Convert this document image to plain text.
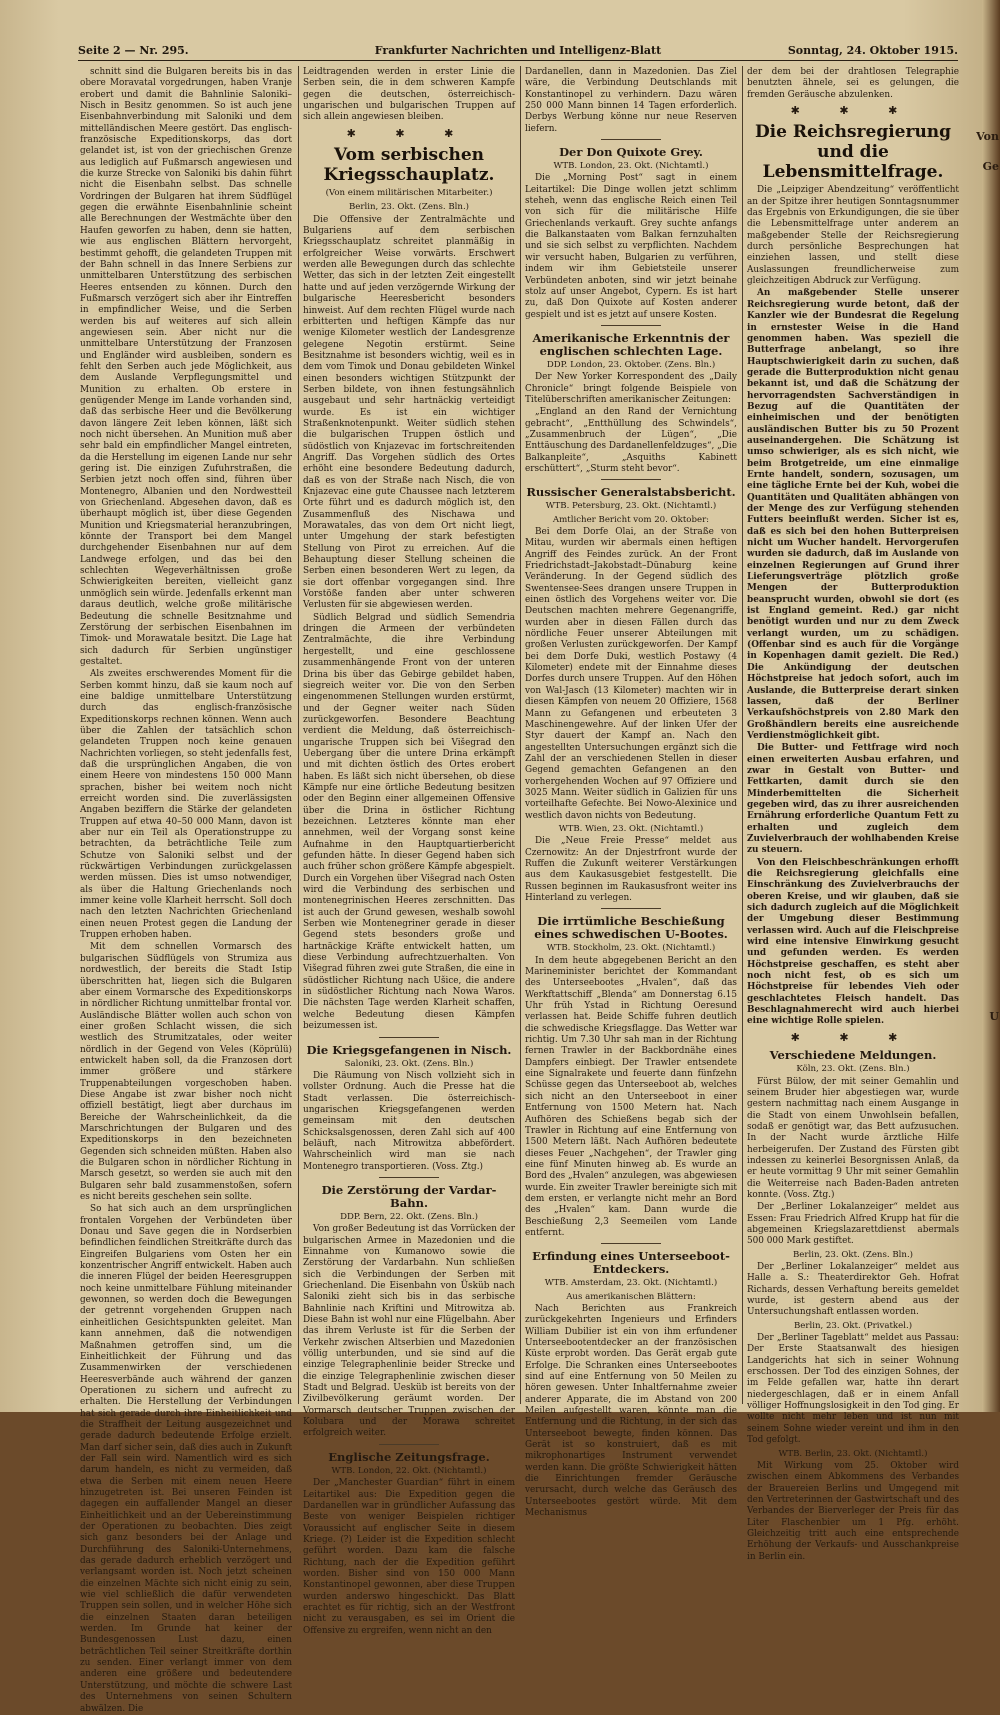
Seite 2 — Nr. 295.	Frankfurter Nachrichten und Intelligenz-Blatt	Sonntag, 24. Oktober 1915.

schnitt sind die Bulgaren bereits bis in das obere Moravatal vorgedrungen, haben Vranje erobert und damit die Bahnlinie Saloniki–Nisch in Besitz genommen. So ist auch jene Eisenbahnverbindung mit Saloniki und dem mittelländischen Meere gestört. Das englisch-französische Expeditionskorps, das dort gelandet ist, ist von der griechischen Grenze aus lediglich auf Fußmarsch angewiesen und die kurze Strecke von Saloniki bis dahin führt nicht die Eisenbahn selbst. Das schnelle Vordringen der Bulgaren hat ihrem Südflügel gegen die erwähnte Eisenbahnlinie scheint alle Berechnungen der Westmächte über den Haufen geworfen zu haben, denn sie hatten, wie aus englischen Blättern hervorgeht, bestimmt gehofft, die gelandeten Truppen mit der Bahn schnell in das Innere Serbiens zur unmittelbaren Unterstützung des serbischen Heeres entsenden zu können. Durch den Fußmarsch verzögert sich aber ihr Eintreffen in empfindlicher Weise, und die Serben werden bis auf weiteres auf sich allein angewiesen sein. Aber nicht nur die unmittelbare Unterstützung der Franzosen und Engländer wird ausbleiben, sondern es fehlt den Serben auch jede Möglichkeit, aus dem Auslande Verpflegungsmittel und Munition zu erhalten. Ob erstere in genügender Menge im Lande vorhanden sind, daß das serbische Heer und die Bevölkerung davon längere Zeit leben können, läßt sich noch nicht übersehen. An Munition muß aber sehr bald ein empfindlicher Mangel eintreten, da die Herstellung im eigenen Lande nur sehr gering ist. Die einzigen Zufuhrstraßen, die Serbien jetzt noch offen sind, führen über Montenegro, Albanien und den Nordwestteil von Griechenland. Abgesehen davon, daß es überhaupt möglich ist, über diese Gegenden Munition und Kriegsmaterial heranzubringen, könnte der Transport bei dem Mangel durchgehender Eisenbahnen nur auf dem Landwege erfolgen, und das bei den schlechten Wegeverhältnissen große Schwierigkeiten bereiten, vielleicht ganz unmöglich sein würde. Jedenfalls erkennt man daraus deutlich, welche große militärische Bedeutung die schnelle Besitznahme und Zerstörung der serbischen Eisenbahnen im Timok- und Morawatale besitzt. Die Lage hat sich dadurch für Serbien ungünstiger gestaltet.

Als zweites erschwerendes Moment für die Serben kommt hinzu, daß sie kaum noch auf eine baldige unmittelbare Unterstützung durch das englisch-französische Expeditionskorps rechnen können. Wenn auch über die Zahlen der tatsächlich schon gelandeten Truppen noch keine genauen Nachrichten vorliegen, so steht jedenfalls fest, daß die ursprünglichen Angaben, die von einem Heere von mindestens 150 000 Mann sprachen, bisher bei weitem noch nicht erreicht worden sind. Die zuverlässigsten Angaben beziffern die Stärke der gelandeten Truppen auf etwa 40–50 000 Mann, davon ist aber nur ein Teil als Operationstruppe zu betrachten, da beträchtliche Teile zum Schutze von Saloniki selbst und der rückwärtigen Verbindungen zurückgelassen werden müssen. Dies ist umso notwendiger, als über die Haltung Griechenlands noch immer keine volle Klarheit herrscht. Soll doch nach den letzten Nachrichten Griechenland einen neuen Protest gegen die Landung der Truppen erhoben haben.

Mit dem schnellen Vormarsch des bulgarischen Südflügels von Strumiza aus nordwestlich, der bereits die Stadt Istip überschritten hat, liegen sich die Bulgaren aber einem Vormarsche des Expeditionskorps in nördlicher Richtung unmittelbar frontal vor. Ausländische Blätter wollen auch schon von einer großen Schlacht wissen, die sich westlich des Strumitzatales, oder weiter nördlich in der Gegend von Veles (Köprülü) entwickelt haben soll, da die Franzosen dort immer größere und stärkere Truppenabteilungen vorgeschoben haben. Diese Angabe ist zwar bisher noch nicht offiziell bestätigt, liegt aber durchaus im Bereiche der Wahrscheinlichkeit, da die Marschrichtungen der Bulgaren und des Expeditionskorps in den bezeichneten Gegenden sich schneiden müßten. Haben also die Bulgaren schon in nördlicher Richtung in Marsch gesetzt, so werden sie auch mit den Bulgaren sehr bald zusammenstoßen, sofern es nicht bereits geschehen sein sollte.

So hat sich auch an dem ursprünglichen frontalen Vorgehen der Verbündeten über Donau und Save gegen die in Nordserbien befindlichen feindlichen Streitkräfte durch das Eingreifen Bulgariens vom Osten her ein konzentrischer Angriff entwickelt. Haben auch die inneren Flügel der beiden Heeresgruppen noch keine unmittelbare Fühlung miteinander gewonnen, so werden doch die Bewegungen der getrennt vorgehenden Gruppen nach einheitlichen Gesichtspunkten geleitet. Man kann annehmen, daß die notwendigen Maßnahmen getroffen sind, um die Einheitlichkeit der Führung und das Zusammenwirken der verschiedenen Heeresverbände auch während der ganzen Operationen zu sichern und aufrecht zu erhalten. Die Herstellung der Verbindungen hat sich gerade durch ihre Einheitlichkeit und die Straffheit der Leitung ausgezeichnet und gerade dadurch bedeutende Erfolge erzielt. Man darf sicher sein, daß dies auch in Zukunft der Fall sein wird. Namentlich wird es sich darum handeln, es nicht zu vermeiden, daß etwa die Serben mit einem neuen Heere hinzugetreten ist. Bei unseren Feinden ist dagegen ein auffallender Mangel an dieser Einheitlichkeit und an der Uebereinstimmung der Operationen zu beobachten. Dies zeigt sich ganz besonders bei der Anlage und Durchführung des Saloniki-Unternehmens, das gerade dadurch erheblich verzögert und verlangsamt worden ist. Noch jetzt scheinen die einzelnen Mächte sich nicht einig zu sein, wie viel schließlich die dafür verwendeten Truppen sein sollen, und in welcher Höhe sich die einzelnen Staaten daran beteiligen werden. Im Grunde hat keiner der Bundesgenossen Lust dazu, einen beträchtlichen Teil seiner Streitkräfte dorthin zu senden. Einer verlangt immer von dem anderen eine größere und bedeutendere Unterstützung, und möchte die schwere Last des Unternehmens von seinen Schultern abwälzen. Die

Leidtragenden werden in erster Linie die Serben sein, die in dem schweren Kampfe gegen die deutschen, österreichisch-ungarischen und bulgarischen Truppen auf sich allein angewiesen bleiben.

✱ ✱ ✱
Vom serbischen Kriegsschauplatz.
(Von einem militärischen Mitarbeiter.)
Berlin, 23. Okt. (Zens. Bln.)

Die Offensive der Zentralmächte und Bulgariens auf dem serbischen Kriegsschauplatz schreitet planmäßig in erfolgreicher Weise vorwärts. Erschwert werden alle Bewegungen durch das schlechte Wetter, das sich in der letzten Zeit eingestellt hatte und auf jeden verzögernde Wirkung der bulgarische Heeresbericht besonders hinweist. Auf dem rechten Flügel wurde nach erbitterten und heftigen Kämpfe das nur wenige Kilometer westlich der Landesgrenze gelegene Negotin erstürmt. Seine Besitznahme ist besonders wichtig, weil es in dem vom Timok und Donau gebildeten Winkel einen besonders wichtigen Stützpunkt der Serben bildete, von ihnen festungsähnlich ausgebaut und sehr hartnäckig verteidigt wurde. Es ist ein wichtiger Straßenknotenpunkt. Weiter südlich stehen die bulgarischen Truppen östlich und südöstlich von Knjazevac im fortschreitenden Angriff. Das Vorgehen südlich des Ortes erhöht eine besondere Bedeutung dadurch, daß es von der Straße nach Nisch, die von Knjazevac eine gute Chaussee nach letzterem Orte führt und es dadurch möglich ist, den Zusammenfluß des Nischawa und Morawatales, das von dem Ort nicht liegt, unter Umgehung der stark befestigten Stellung von Pirot zu erreichen. Auf die Behauptung dieser Stellung scheinen die Serben einen besonderen Wert zu legen, da sie dort offenbar vorgegangen sind. Ihre Vorstöße fanden aber unter schweren Verlusten für sie abgewiesen werden.

Südlich Belgrad und südlich Semendria dringen die Armeen der verbündeten Zentralmächte, die ihre Verbindung hergestellt, und eine geschlossene zusammenhängende Front von der unteren Drina bis über das Gebirge gebildet haben, siegreich weiter vor. Die von den Serben eingenommenen Stellungen wurden erstürmt, und der Gegner weiter nach Süden zurückgeworfen. Besondere Beachtung verdient die Meldung, daß österreichisch-ungarische Truppen sich bei Višegrad den Uebergang über die untere Drina erkämpft und mit dichten östlich des Ortes erobert haben. Es läßt sich nicht übersehen, ob diese Kämpfe nur eine örtliche Bedeutung besitzen oder den Beginn einer allgemeinen Offensive über die Drina in östlicher Richtung bezeichnen. Letzteres könnte man eher annehmen, weil der Vorgang sonst keine Aufnahme in den Hauptquartierbericht gefunden hätte. In dieser Gegend haben sich auch früher schon größere Kämpfe abgespielt. Durch ein Vorgehen über Višegrad nach Osten wird die Verbindung des serbischen und montenegrinischen Heeres zerschnitten. Das ist auch der Grund gewesen, weshalb sowohl Serben wie Montenegriner gerade in dieser Gegend stets besonders große und hartnäckige Kräfte entwickelt hatten, um diese Verbindung aufrechtzuerhalten. Von Višegrad führen zwei gute Straßen, die eine in südöstlicher Richtung nach Ušice, die andere in südöstlicher Richtung nach Nowa Waros. Die nächsten Tage werden Klarheit schaffen, welche Bedeutung diesen Kämpfen beizumessen ist.

Die Kriegsgefangenen in Nisch.
Saloniki, 23. Okt. (Zens. Bln.)

Die Räumung von Nisch vollzieht sich in vollster Ordnung. Auch die Presse hat die Stadt verlassen. Die österreichisch-ungarischen Kriegsgefangenen werden gemeinsam mit den deutschen Schicksalsgenossen, deren Zahl sich auf 400 beläuft, nach Mitrowitza abbefördert. Wahrscheinlich wird man sie nach Montenegro transportieren. (Voss. Ztg.)

Die Zerstörung der Vardar-Bahn.
DDP. Bern, 22. Okt. (Zens. Bln.)

Von großer Bedeutung ist das Vorrücken der bulgarischen Armee in Mazedonien und die Einnahme von Kumanowo sowie die Zerstörung der Vardarbahn. Nun schließen sich die Verbindungen der Serben mit Griechenland. Die Eisenbahn von Üsküb nach Saloniki zieht sich bis in das serbische Bahnlinie nach Kriftini und Mitrowitza ab. Diese Bahn ist wohl nur eine Flügelbahn. Aber das ihrem Verluste ist für die Serben der Verkehr zwischen Altserbien und Mazedonien völlig unterbunden, und sie sind auf die einzige Telegraphenlinie beider Strecke und die einzige Telegraphenlinie zwischen dieser Stadt und Belgrad. Uesküb ist bereits von der Zivilbevölkerung geräumt worden. Der Vormarsch deutscher Truppen zwischen der Kolubara und der Morawa schreitet erfolgreich weiter.

Englische Zeitungsfrage.
WTB. London, 22. Okt. (Nichtamtl.)

Der „Manchester Guardian“ führt in einem Leitartikel aus: Die Expedition gegen die Dardanellen war in gründlicher Aufassung das Beste von weniger Beispielen richtiger Voraussicht auf englischer Seite in diesem Kriege. (?) Leider ist die Expedition schlecht geführt worden. Dazu kam die falsche Richtung, nach der die Expedition geführt worden. Bisher sind von 150 000 Mann Konstantinopel gewonnen, aber diese Truppen wurden anderswo hingeschickt. Das Blatt erachtet es für richtig, sich an der Westfront nicht zu verausgaben, es sei im Orient die Offensive zu ergreifen, wenn nicht an den

Dardanellen, dann in Mazedonien. Das Ziel wäre, die Verbindung Deutschlands mit Konstantinopel zu verhindern. Dazu wären 250 000 Mann binnen 14 Tagen erforderlich. Derbys Werbung könne nur neue Reserven liefern.

Der Don Quixote Grey.
WTB. London, 23. Okt. (Nichtamtl.)

Die „Morning Post“ sagt in einem Leitartikel: Die Dinge wollen jetzt schlimm steheh, wenn das englische Reich einen Teil von sich für die militärische Hilfe Griechenlands verkauft. Grey suchte anfangs die Balkanstaaten vom Balkan fernzuhalten und sie sich selbst zu verpflichten. Nachdem wir versucht haben, Bulgarien zu verführen, indem wir ihm Gebietsteile unserer Verbündeten anboten, sind wir jetzt beinahe stolz auf unser Angebot, Cypern. Es ist hart zu, daß Don Quixote auf Kosten anderer gespielt und ist es jetzt auf unsere Kosten.

Amerikanische Erkenntnis der englischen schlechten Lage.
DDP. London, 23. Oktober. (Zens. Bln.)

Der New Yorker Korrespondent des „Daily Chronicle“ bringt folgende Beispiele von Titelüberschriften amerikanischer Zeitungen:

„England an den Rand der Vernichtung gebracht“, „Entthüllung des Schwindels“, „Zusammenbruch der Lügen“, „Die Enttäuschung des Dardanellenfeldzuges“, „Die Balkanpleite“, „Asquiths Kabinett erschüttert“, „Sturm steht bevor“.

Russischer Generalstabsbericht.
WTB. Petersburg, 23. Okt. (Nichtamtl.)
Amtlicher Bericht vom 20. Oktober:

Bei dem Dorfe Olai, an der Straße von Mitau, wurden wir abermals einen heftigen Angriff des Feindes zurück. An der Front Friedrichstadt–Jakobstadt–Dünaburg keine Veränderung. In der Gegend südlich des Swentensee-Sees drangen unsere Truppen in einen östlich des Vorgehens weiter vor. Die Deutschen machten mehrere Gegenangriffe, wurden aber in diesen Fällen durch das nördliche Feuer unserer Abteilungen mit großen Verlusten zurückgeworfen. Der Kampf bei dem Dorfe Duki, westlich Postawy (4 Kilometer) endete mit der Einnahme dieses Dorfes durch unsere Truppen. Auf den Höhen von Wal-Jasch (13 Kilometer) machten wir in diesen Kämpfen von neuem 20 Offiziere, 1568 Mann zu Gefangenen und erbeuteten 3 Maschinengewehre. Auf der linken Ufer der Styr dauert der Kampf an. Nach den angestellten Untersuchungen ergänzt sich die Zahl der an verschiedenen Stellen in dieser Gegend gemachten Gefangenen an den vorhergehenden Wochen auf 97 Offiziere und 3025 Mann. Weiter südlich in Galizien für uns vorteilhafte Gefechte. Bei Nowo-Alexinice und westlich davon nichts von Bedeutung.

WTB. Wien, 23. Okt. (Nichtamtl.)

Die „Neue Freie Presse“ meldet aus Czernowitz: An der Dnjestrfront wurde der Ruffen die Zukunft weiterer Verstärkungen aus dem Kaukasusgebiet festgestellt. Die Russen beginnen im Raukasusfront weiter ins Hinterland zu verlegen.

Die irrtümliche Beschießung eines schwedischen U-Bootes.
WTB. Stockholm, 23. Okt. (Nichtamtl.)

In dem heute abgegebenen Bericht an den Marineminister berichtet der Kommandant des Unterseebootes „Hvalen“, daß das Werkftattschiff „Blenda“ am Donnerstag 6.15 Uhr früh Ystad in Richtung Oeresund verlassen hat. Beide Schiffe fuhren deutlich die schwedische Kriegsflagge. Das Wetter war richtig. Um 7.30 Uhr sah man in der Richtung fernen Trawler in der Backbordnähe eines Dampfers einbiegt. Der Trawler entsendete eine Signalrakete und feuerte dann fünfzehn Schüsse gegen das Unterseeboot ab, welches sich nicht an den Unterseeboot in einer Entfernung von 1500 Metern hat. Nach Aufhören des Schießens begab sich der Trawler in Richtung auf eine Entfernung von 1500 Metern läßt. Nach Aufhören bedeutete dieses Feuer „Nachgehen“, der Trawler ging eine fünf Minuten hinweg ab. Es wurde an Bord des „Hvalen“ anzulegen, was abgewiesen wurde. Ein zweiter Trawler bereinigte sich mit dem ersten, er verlangte nicht mehr an Bord des „Hvalen“ kam. Dann wurde die Beschießung 2,3 Seemeilen vom Lande entfernt.

Erfindung eines Unterseeboot-Entdeckers.
WTB. Amsterdam, 23. Okt. (Nichtamtl.)
Aus amerikanischen Blättern:

Nach Berichten aus Frankreich zurückgekehrten Ingenieurs und Erfinders William Dubilier ist ein von ihm erfundener Unterseebootentdecker an der französischen Küste erprobt worden. Das Gerät ergab gute Erfolge. Die Schranken eines Unterseebootes sind auf eine Entfernung von 50 Meilen zu hören gewesen. Unter Inhaltfernahme zweier anderer Apparate, die im Abstand von 200 Meilen aufgestellt waren, könnte man die Entfernung und die Richtung, in der sich das Unterseeboot bewegte, finden können. Das Gerät ist so konstruiert, daß es mit mikrophonartiges Instrument verwendet werden kann. Die größte Schwierigkeit hätten die Einrichtungen fremder Geräusche verursacht, durch welche das Geräusch des Unterseebootes gestört würde. Mit dem Mechanismus

der dem bei der drahtlosen Telegraphie benutzten ähnele, sei es gelungen, die fremden Geräusche abzulenken.

✱ ✱ ✱
Die Reichsregierung und die Lebensmittelfrage.

Die „Leipziger Abendzeitung“ veröffentlicht an der Spitze ihrer heutigen Sonntagsnummer das Ergebnis von Erkundigungen, die sie über die Lebensmittelfrage unter anderem an maßgebender Stelle der Reichsregierung durch persönliche Besprechungen hat einziehen lassen, und stellt diese Auslassungen freundlicherweise zum gleichzeitigen Abdruck zur Verfügung.

An maßgebender Stelle unserer Reichsregierung wurde betont, daß der Kanzler wie der Bundesrat die Regelung in ernstester Weise in die Hand genommen haben. Was speziell die Butterfrage anbelangt, so ihre Hauptschwierigkeit darin zu suchen, daß gerade die Butterproduktion nicht genau bekannt ist, und daß die Schätzung der hervorragendsten Sachverständigen in Bezug auf die Quantitäten der einheimischen und der benötigten ausländischen Butter bis zu 50 Prozent auseinandergehen. Die Schätzung ist umso schwieriger, als es sich nicht, wie beim Brotgetreide, um eine einmalige Ernte handelt, sondern, sozusagen, um eine tägliche Ernte bei der Kuh, wobei die Quantitäten und Qualitäten abhängen von der Menge des zur Verfügung stehenden Futters beeinflußt werden. Sicher ist es, daß es sich bei den hohen Butterpreisen nicht um Wucher handelt. Hervorgerufen wurden sie dadurch, daß im Auslande von einzelnen Regierungen auf Grund ihrer Lieferungsverträge plötzlich große Mengen der Butterproduktion beansprucht wurden, obwohl sie dort (es ist England gemeint. Red.) gar nicht benötigt wurden und nur zu dem Zweck verlangt wurden, um zu schädigen. (Offenbar sind es auch für die Vorgänge in Kopenhagen damit gezielt. Die Red.) Die Ankündigung der deutschen Höchstpreise hat jedoch sofort, auch im Auslande, die Butterpreise derart sinken lassen, daß der Berliner Verkaufshöchstpreis von 2.80 Mark den Großhändlern bereits eine ausreichende Verdienstmöglichkeit gibt.

Die Butter- und Fettfrage wird noch einen erweiterten Ausbau erfahren, und zwar in Gestalt von Butter- und Fettkarten, damit durch sie den Minderbemittelten die Sicherheit gegeben wird, das zu ihrer ausreichenden Ernährung erforderliche Quantum Fett zu erhalten und zugleich dem Zuvielverbrauch der wohlhabenden Kreise zu steuern.

Von den Fleischbeschränkungen erhofft die Reichsregierung gleichfalls eine Einschränkung des Zuvielverbrauchs der oberen Kreise, und wir glauben, daß sie sich dadurch zugleich auf die Möglichkeit der Umgebung dieser Bestimmung verlassen wird. Auch auf die Fleischpreise wird eine intensive Einwirkung gesucht und gefunden werden. Es werden Höchstpreise geschaffen, es steht aber noch nicht fest, ob es sich um Höchstpreise für lebendes Vieh oder geschlachtetes Fleisch handelt. Das Beschlagnahmerecht wird auch hierbei eine wichtige Rolle spielen.

✱ ✱ ✱
Verschiedene Meldungen.
Köln, 23. Okt. (Zens. Bln.)

Fürst Bülow, der mit seiner Gemahlin und seinem Bruder hier abgestiegen war, wurde gestern nachmittag nach einem Ausgange in die Stadt von einem Unwohlsein befallen, sodaß er genötigt war, das Bett aufzusuchen. In der Nacht wurde ärztliche Hilfe herbeigerufen. Der Zustand des Fürsten gibt indessen zu keinerlei Besorgnissen Anlaß, da er heute vormittag 9 Uhr mit seiner Gemahlin die Weiterreise nach Baden-Baden antreten konnte. (Voss. Ztg.)

Der „Berliner Lokalanzeiger“ meldet aus Essen: Frau Friedrich Alfred Krupp hat für die abgemeinen Kriegslazarettdienst abermals 500 000 Mark gestiftet.

Berlin, 23. Okt. (Zens. Bln.)

Der „Berliner Lokalanzeiger“ meldet aus Halle a. S.: Theaterdirektor Geh. Hofrat Richards, dessen Verhaftung bereits gemeldet wurde, ist gestern abend aus der Untersuchungshaft entlassen worden.

Berlin, 23. Okt. (Privatkel.)

Der „Berliner Tageblatt“ meldet aus Passau: Der Erste Staatsanwalt des hiesigen Landgerichts hat sich in seiner Wohnung erschossen. Der Tod des einzigen Sohnes, der im Felde gefallen war, hatte ihn derart niedergeschlagen, daß er in einem Anfall völliger Hoffnungslosigkeit in den Tod ging. Er wollte nicht mehr leben und ist nun mit seinem Sohne wieder vereint und ihm in den Tod gefolgt.

WTB. Berlin, 23. Okt. (Nichtamtl.)

Mit Wirkung vom 25. Oktober wird zwischen einem Abkommens des Verbandes der Brauereien Berlins und Umgegend mit den Vertreterinnen der Gastwirtschaft und des Verbandes der Bierverleger der Preis für das Liter Flaschenbier um 1 Pfg. erhöht. Gleichzeitig tritt auch eine entsprechende Erhöhung der Verkaufs- und Ausschankpreise in Berlin ein.

Von
Ge
U
